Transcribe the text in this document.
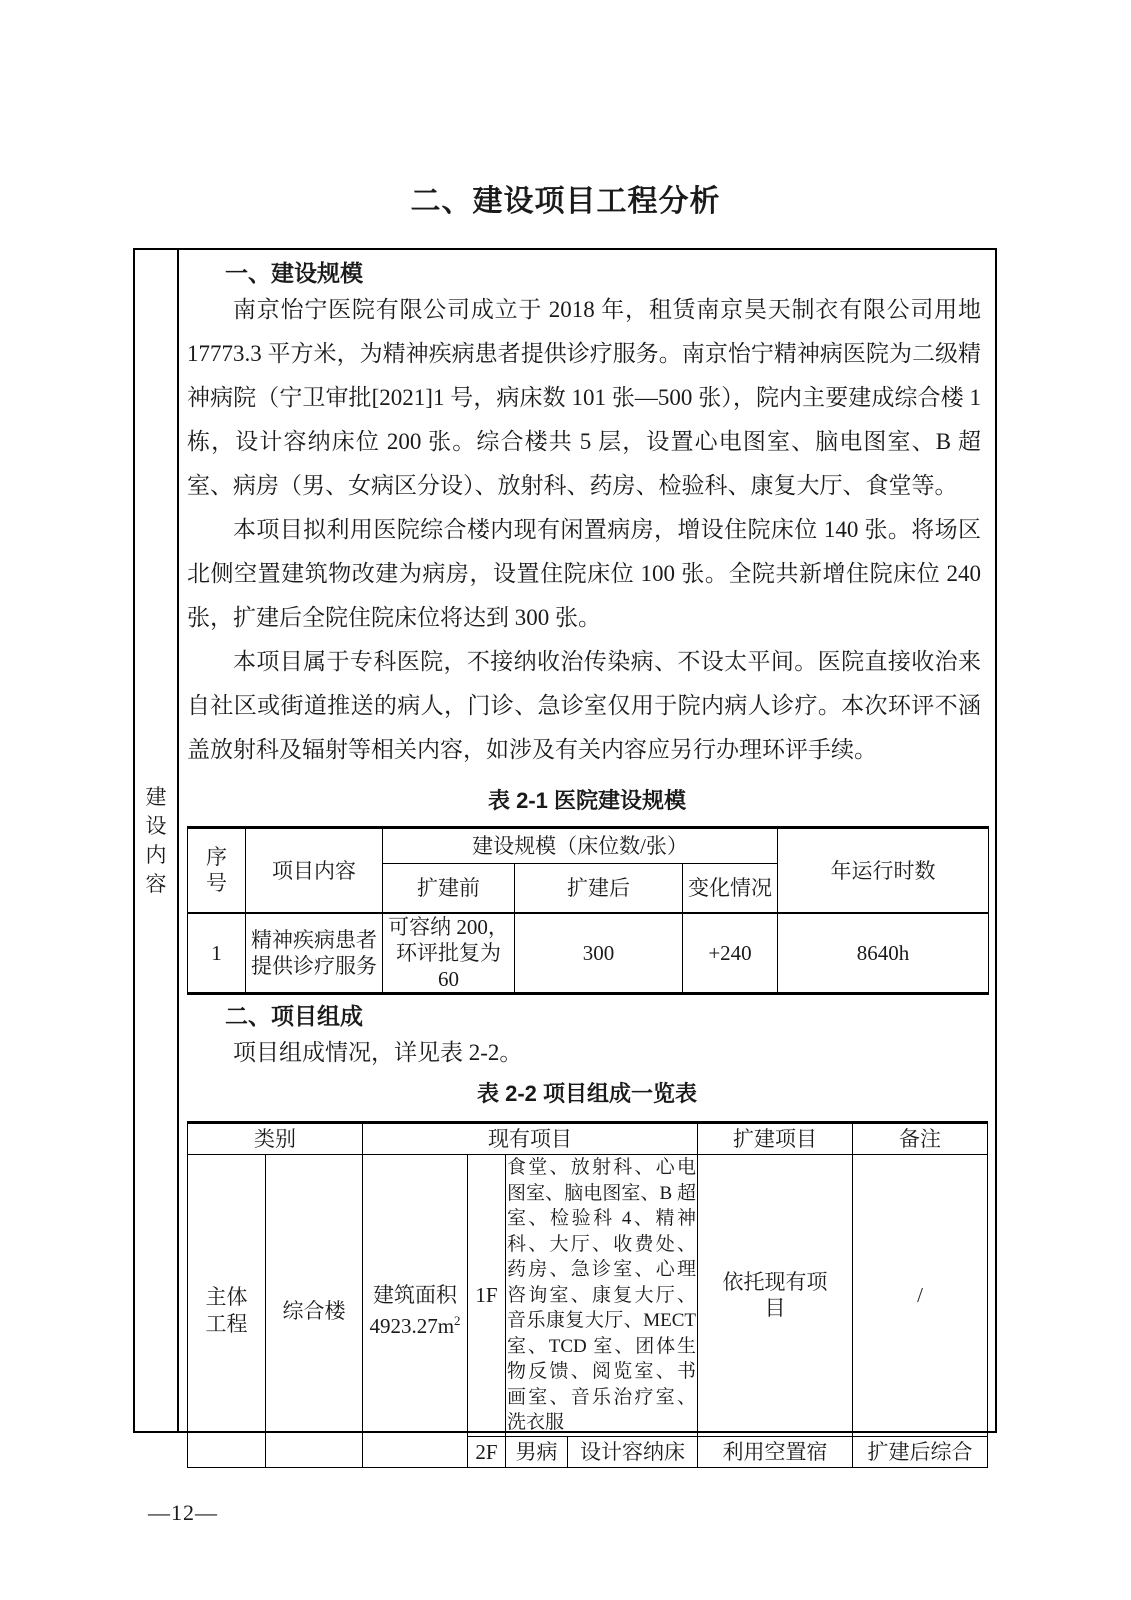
二、建设项目工程分析
建
设
内
容
一、建设规模

南京怡宁医院有限公司成立于 2018 年，租赁南京昊天制衣有限公司用地 17773.3 平方米，为精神疾病患者提供诊疗服务。南京怡宁精神病医院为二级精神病院（宁卫审批[2021]1 号，病床数 101 张—500 张），院内主要建成综合楼 1 栋，设计容纳床位 200 张。综合楼共 5 层，设置心电图室、脑电图室、B 超室、病房（男、女病区分设）、放射科、药房、检验科、康复大厅、食堂等。

本项目拟利用医院综合楼内现有闲置病房，增设住院床位 140 张。将场区北侧空置建筑物改建为病房，设置住院床位 100 张。全院共新增住院床位 240 张，扩建后全院住院床位将达到 300 张。

本项目属于专科医院，不接纳收治传染病、不设太平间。医院直接收治来自社区或街道推送的病人，门诊、急诊室仅用于院内病人诊疗。本次环评不涵盖放射科及辐射等相关内容，如涉及有关内容应另行办理环评手续。

表 2-1 医院建设规模
序号	项目内容	建设规模（床位数/张）			年运行时数
		扩建前	扩建后	变化情况	
1	精神疾病患者提供诊疗服务	可容纳 200，环评批复为 60	300	+240	8640h
二、项目组成

项目组成情况，详见表 2-2。

表 2-2 项目组成一览表
类别		现有项目				扩建项目	备注
主体工程	综合楼	建筑面积 $4923.27m^2$	1F	食堂、放射科、心电图室、脑电图室、B 超室、检验科 4、精神科、大厅、收费处、药房、急诊室、心理咨询室、康复大厅、音乐康复大厅、MECT 室、TCD 室、团体生物反馈、阅览室、书画室、音乐治疗室、洗衣服		依托现有项目	/
			2F	男病	设计容纳床	利用空置宿	扩建后综合
—12—
